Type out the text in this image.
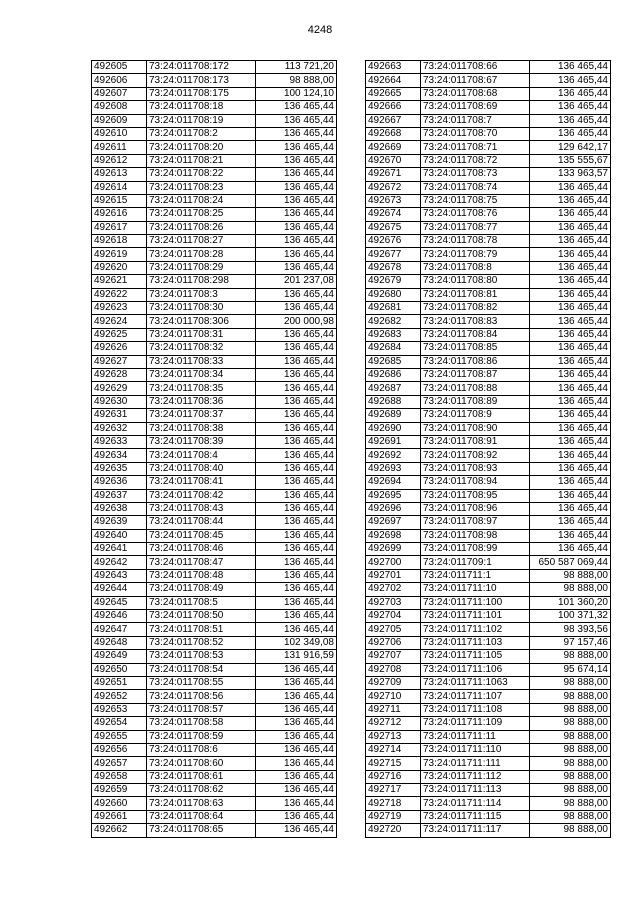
4248
492605	73:24:011708:172	113 721,20
492606	73:24:011708:173	98 888,00
492607	73:24:011708:175	100 124,10
492608	73:24:011708:18	136 465,44
492609	73:24:011708:19	136 465,44
492610	73:24:011708:2	136 465,44
492611	73:24:011708:20	136 465,44
492612	73:24:011708:21	136 465,44
492613	73:24:011708:22	136 465,44
492614	73:24:011708:23	136 465,44
492615	73:24:011708:24	136 465,44
492616	73:24:011708:25	136 465,44
492617	73:24:011708:26	136 465,44
492618	73:24:011708:27	136 465,44
492619	73:24:011708:28	136 465,44
492620	73:24:011708:29	136 465,44
492621	73:24:011708:298	201 237,08
492622	73:24:011708:3	136 465,44
492623	73:24:011708:30	136 465,44
492624	73:24:011708:306	200 000,98
492625	73:24:011708:31	136 465,44
492626	73:24:011708:32	136 465,44
492627	73:24:011708:33	136 465,44
492628	73:24:011708:34	136 465,44
492629	73:24:011708:35	136 465,44
492630	73:24:011708:36	136 465,44
492631	73:24:011708:37	136 465,44
492632	73:24:011708:38	136 465,44
492633	73:24:011708:39	136 465,44
492634	73:24:011708:4	136 465,44
492635	73:24:011708:40	136 465,44
492636	73:24:011708:41	136 465,44
492637	73:24:011708:42	136 465,44
492638	73:24:011708:43	136 465,44
492639	73:24:011708:44	136 465,44
492640	73:24:011708:45	136 465,44
492641	73:24:011708:46	136 465,44
492642	73:24:011708:47	136 465,44
492643	73:24:011708:48	136 465,44
492644	73:24:011708:49	136 465,44
492645	73:24:011708:5	136 465,44
492646	73:24:011708:50	136 465,44
492647	73:24:011708:51	136 465,44
492648	73:24:011708:52	102 349,08
492649	73:24:011708:53	131 916,59
492650	73:24:011708:54	136 465,44
492651	73:24:011708:55	136 465,44
492652	73:24:011708:56	136 465,44
492653	73:24:011708:57	136 465,44
492654	73:24:011708:58	136 465,44
492655	73:24:011708:59	136 465,44
492656	73:24:011708:6	136 465,44
492657	73:24:011708:60	136 465,44
492658	73:24:011708:61	136 465,44
492659	73:24:011708:62	136 465,44
492660	73:24:011708:63	136 465,44
492661	73:24:011708:64	136 465,44
492662	73:24:011708:65	136 465,44
492663	73:24:011708:66	136 465,44
492664	73:24:011708:67	136 465,44
492665	73:24:011708:68	136 465,44
492666	73:24:011708:69	136 465,44
492667	73:24:011708:7	136 465,44
492668	73:24:011708:70	136 465,44
492669	73:24:011708:71	129 642,17
492670	73:24:011708:72	135 555,67
492671	73:24:011708:73	133 963,57
492672	73:24:011708:74	136 465,44
492673	73:24:011708:75	136 465,44
492674	73:24:011708:76	136 465,44
492675	73:24:011708:77	136 465,44
492676	73:24:011708:78	136 465,44
492677	73:24:011708:79	136 465,44
492678	73:24:011708:8	136 465,44
492679	73:24:011708:80	136 465,44
492680	73:24:011708:81	136 465,44
492681	73:24:011708:82	136 465,44
492682	73:24:011708:83	136 465,44
492683	73:24:011708:84	136 465,44
492684	73:24:011708:85	136 465,44
492685	73:24:011708:86	136 465,44
492686	73:24:011708:87	136 465,44
492687	73:24:011708:88	136 465,44
492688	73:24:011708:89	136 465,44
492689	73:24:011708:9	136 465,44
492690	73:24:011708:90	136 465,44
492691	73:24:011708:91	136 465,44
492692	73:24:011708:92	136 465,44
492693	73:24:011708:93	136 465,44
492694	73:24:011708:94	136 465,44
492695	73:24:011708:95	136 465,44
492696	73:24:011708:96	136 465,44
492697	73:24:011708:97	136 465,44
492698	73:24:011708:98	136 465,44
492699	73:24:011708:99	136 465,44
492700	73:24:011709:1	650 587 069,44
492701	73:24:011711:1	98 888,00
492702	73:24:011711:10	98 888,00
492703	73:24:011711:100	101 360,20
492704	73:24:011711:101	100 371,32
492705	73:24:011711:102	98 393,56
492706	73:24:011711:103	97 157,46
492707	73:24:011711:105	98 888,00
492708	73:24:011711:106	95 674,14
492709	73:24:011711:1063	98 888,00
492710	73:24:011711:107	98 888,00
492711	73:24:011711:108	98 888,00
492712	73:24:011711:109	98 888,00
492713	73:24:011711:11	98 888,00
492714	73:24:011711:110	98 888,00
492715	73:24:011711:111	98 888,00
492716	73:24:011711:112	98 888,00
492717	73:24:011711:113	98 888,00
492718	73:24:011711:114	98 888,00
492719	73:24:011711:115	98 888,00
492720	73:24:011711:117	98 888,00
